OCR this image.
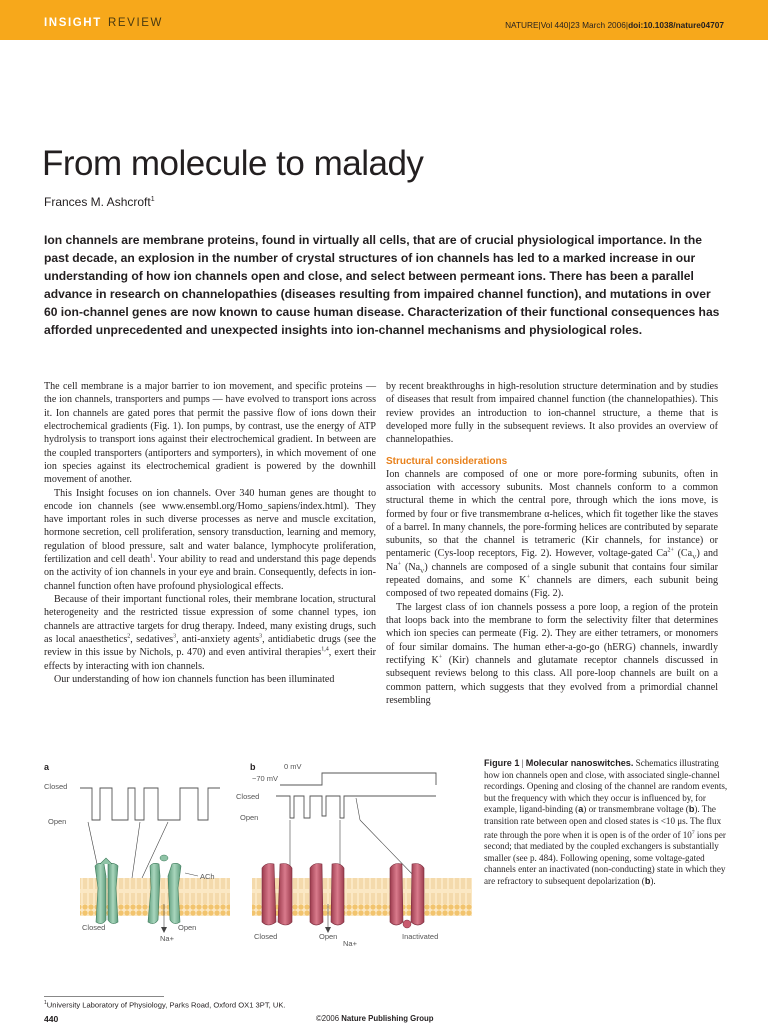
INSIGHT REVIEW	NATURE|Vol 440|23 March 2006|doi:10.1038/nature04707
From molecule to malady
Frances M. Ashcroft$^1$

Ion channels are membrane proteins, found in virtually all cells, that are of crucial physiological importance. In the past decade, an explosion in the number of crystal structures of ion channels has led to a marked increase in our understanding of how ion channels open and close, and select between permeant ions. There has been a parallel advance in research on channelopathies (diseases resulting from impaired channel function), and mutations in over 60 ion-channel genes are now known to cause human disease. Characterization of their functional consequences has afforded unprecedented and unexpected insights into ion-channel mechanisms and physiological roles.

The cell membrane is a major barrier to ion movement, and specific proteins — the ion channels, transporters and pumps — have evolved to transport ions across it. Ion channels are gated pores that permit the passive flow of ions down their electrochemical gradients (Fig. 1). Ion pumps, by contrast, use the energy of ATP hydrolysis to transport ions against their electrochemical gradient. In between are the coupled transporters (antiporters and symporters), in which movement of one ion species against its electrochemical gradient is powered by the downhill movement of another.

This Insight focuses on ion channels. Over 340 human genes are thought to encode ion channels (see www.ensembl.org/Homo_sapiens/index.html). They have important roles in such diverse processes as nerve and muscle excitation, hormone secretion, cell proliferation, sensory transduction, learning and memory, regulation of blood pressure, salt and water balance, lymphocyte proliferation, fertilization and cell death$^1$. Your ability to read and understand this page depends on the activity of ion channels in your eye and brain. Consequently, defects in ion-channel function often have profound physiological effects.

Because of their important functional roles, their membrane location, structural heterogeneity and the restricted tissue expression of some channel types, ion channels are attractive targets for drug therapy. Indeed, many existing drugs, such as local anaesthetics$^2$, sedatives$^3$, anti-anxiety agents$^3$, antidiabetic drugs (see the review in this issue by Nichols, p. 470) and even antiviral therapies$^{1,4}$, exert their effects by interacting with ion channels.

Our understanding of how ion channels function has been illuminated

by recent breakthroughs in high-resolution structure determination and by studies of diseases that result from impaired channel function (the channelopathies). This review provides an introduction to ion-channel structure, a theme that is developed more fully in the subsequent reviews. It also provides an overview of channelopathies.

Structural considerations

Ion channels are composed of one or more pore-forming subunits, often in association with accessory subunits. Most channels conform to a common structural theme in which the central pore, through which the ions move, is formed by four or five transmembrane α-helices, which fit together like the staves of a barrel. In many channels, the pore-forming helices are contributed by separate subunits, so that the channel is tetrameric (Kir channels, for instance) or pentameric (Cys-loop receptors, Fig. 2). However, voltage-gated $Ca^{2+}$ $(Ca_V)$ and Na+ $(Na_V)$ channels are composed of a single subunit that contains four similar repeated domains, and some K+ channels are dimers, each subunit being composed of two repeated domains (Fig. 2).

The largest class of ion channels possess a pore loop, a region of the protein that loops back into the membrane to form the selectivity filter that determines which ion species can permeate (Fig. 2). They are either tetramers, or monomers of four similar domains. The human ether-a-go-go (hERG) channels, inwardly rectifying K+ (Kir) channels and glutamate receptor channels discussed in subsequent reviews belong to this class. All pore-loop channels are built on a common pattern, which suggests that they evolved from a primordial channel resembling

a	b
Closed
Open
ACh
Closed	Open
Na+
0 mV
−70 mV
Closed
Open
Closed	Open
Na+
Inactivated

Figure 1 | Molecular nanoswitches. Schematics illustrating how ion channels open and close, with associated single-channel recordings. Opening and closing of the channel are random events, but the frequency with which they occur is influenced by, for example, ligand-binding (a) or transmembrane voltage (b). The transition rate between open and closed states is <10 μs. The flux rate through the pore when it is open is of the order of $10^7$ ions per second; that mediated by the coupled exchangers is substantially smaller (see p. 484). Following opening, some voltage-gated channels enter an inactivated (non-conducting) state in which they are refractory to subsequent depolarization (b).

$^1$University Laboratory of Physiology, Parks Road, Oxford OX1 3PT, UK.
440	©2006 Nature Publishing Group
